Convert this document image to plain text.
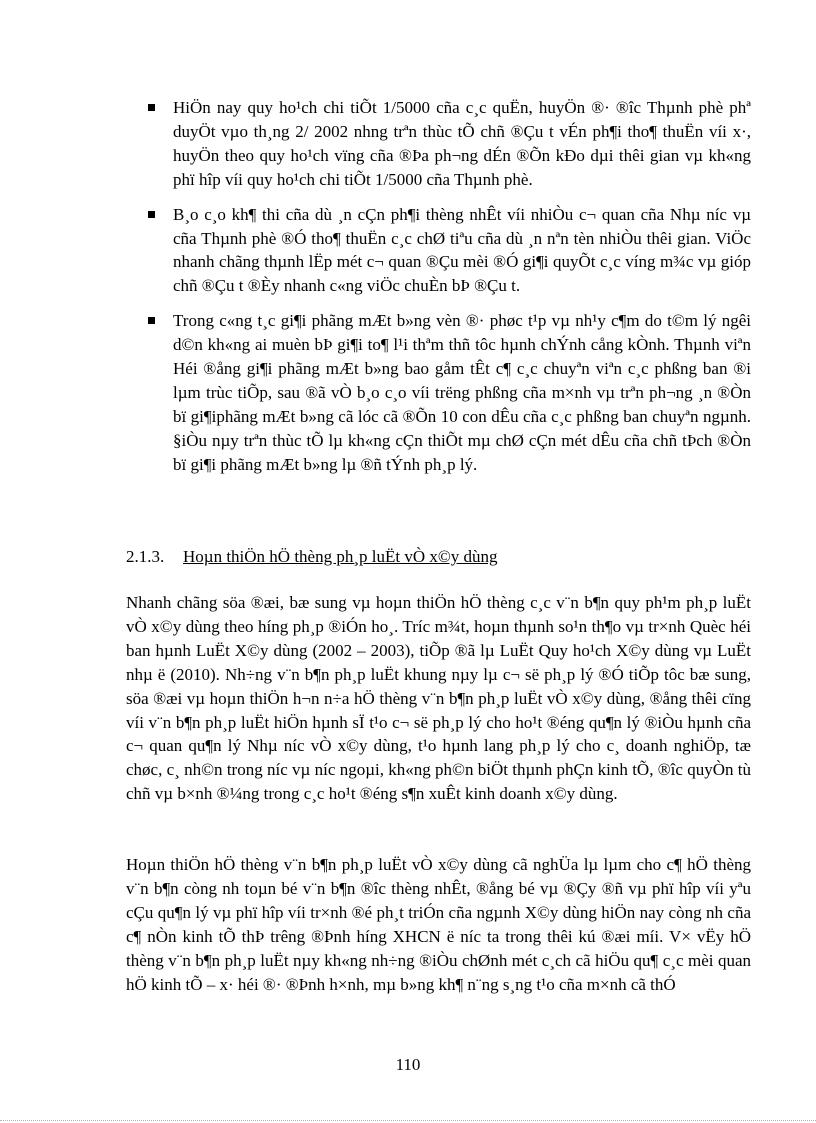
HiÖn nay quy ho¹ch chi tiÕt 1/5000 cña c¸c quËn, huyÖn ®· ®îc Thµnh phè phª duyÖt vµo th¸ng 2/ 2002 nhng trªn thùc tÕ chñ ®Çu t vÉn ph¶i tho¶ thuËn víi x·, huyÖn theo quy ho¹ch vïng cña ®Þa ph¬ng dÉn ®Õn kÐo dµi thêi gian vµ kh«ng phï hîp víi quy ho¹ch chi tiÕt 1/5000 cña Thµnh phè.
B¸o c¸o kh¶ thi cña dù ¸n cÇn ph¶i thèng nhÊt víi nhiÒu c¬ quan cña Nhµ níc vµ cña Thµnh phè ®Ó tho¶ thuËn c¸c chØ tiªu cña dù ¸n nªn tèn nhiÒu thêi gian. ViÖc nhanh chãng thµnh lËp mét c¬ quan ®Çu mèi ®Ó gi¶i quyÕt c¸c víng m¾c vµ gióp chñ ®Çu t ®Èy nhanh c«ng viÖc chuÈn bÞ ®Çu t.
Trong c«ng t¸c gi¶i phãng mÆt b»ng vèn ®· phøc t¹p vµ nh¹y c¶m do t©m lý ngêi d©n kh«ng ai muèn bÞ gi¶i to¶ l¹i thªm thñ tôc hµnh chÝnh cång kÒnh. Thµnh viªn Héi ®ång gi¶i phãng mÆt b»ng bao gåm tÊt c¶ c¸c chuyªn viªn c¸c phßng ban ®i lµm trùc tiÕp, sau ®ã vÒ b¸o c¸o víi trëng phßng cña m×nh vµ trªn ph¬ng ¸n ®Òn bï gi¶iphãng mÆt b»ng cã lóc cã ®Õn 10 con dÊu cña c¸c phßng ban chuyªn ngµnh. §iÒu nµy trªn thùc tÕ lµ kh«ng cÇn thiÕt mµ chØ cÇn mét dÊu cña chñ tÞch ®Òn bï gi¶i phãng mÆt b»ng lµ ®ñ tÝnh ph¸p lý.
2.1.3. Hoµn thiÖn hÖ thèng ph¸p luËt vÒ x©y dùng

Nhanh chãng söa ®æi, bæ sung vµ hoµn thiÖn hÖ thèng c¸c v¨n b¶n quy ph¹m ph¸p luËt vÒ x©y dùng theo híng ph¸p ®iÓn ho¸. Tríc m¾t, hoµn thµnh so¹n th¶o vµ tr×nh Quèc héi ban hµnh LuËt X©y dùng (2002 – 2003), tiÕp ®ã lµ LuËt Quy ho¹ch X©y dùng vµ LuËt nhµ ë (2010). Nh÷ng v¨n b¶n ph¸p luËt khung nµy lµ c¬ së ph¸p lý ®Ó tiÕp tôc bæ sung, söa ®æi vµ hoµn thiÖn h¬n n÷a hÖ thèng v¨n b¶n ph¸p luËt vÒ x©y dùng, ®ång thêi cïng víi v¨n b¶n ph¸p luËt hiÖn hµnh sÏ t¹o c¬ së ph¸p lý cho ho¹t ®éng qu¶n lý ®iÒu hµnh cña c¬ quan qu¶n lý Nhµ níc vÒ x©y dùng, t¹o hµnh lang ph¸p lý cho c¸ doanh nghiÖp, tæ chøc, c¸ nh©n trong níc vµ níc ngoµi, kh«ng ph©n biÖt thµnh phÇn kinh tÕ, ®îc quyÒn tù chñ vµ b×nh ®¼ng trong c¸c ho¹t ®éng s¶n xuÊt kinh doanh x©y dùng.

Hoµn thiÖn hÖ thèng v¨n b¶n ph¸p luËt vÒ x©y dùng cã nghÜa lµ lµm cho c¶ hÖ thèng v¨n b¶n còng nh toµn bé v¨n b¶n ®îc thèng nhÊt, ®ång bé vµ ®Çy ®ñ vµ phï hîp víi yªu cÇu qu¶n lý vµ phï hîp víi tr×nh ®é ph¸t triÓn cña ngµnh X©y dùng hiÖn nay còng nh cña c¶ nÒn kinh tÕ thÞ trêng ®Þnh híng XHCN ë níc ta trong thêi kú ®æi míi. V× vËy hÖ thèng v¨n b¶n ph¸p luËt nµy kh«ng nh÷ng ®iÒu chØnh mét c¸ch cã hiÖu qu¶ c¸c mèi quan hÖ kinh tÕ – x· héi ®· ®Þnh h×nh, mµ b»ng kh¶ n¨ng s¸ng t¹o cña m×nh cã thÓ

110
